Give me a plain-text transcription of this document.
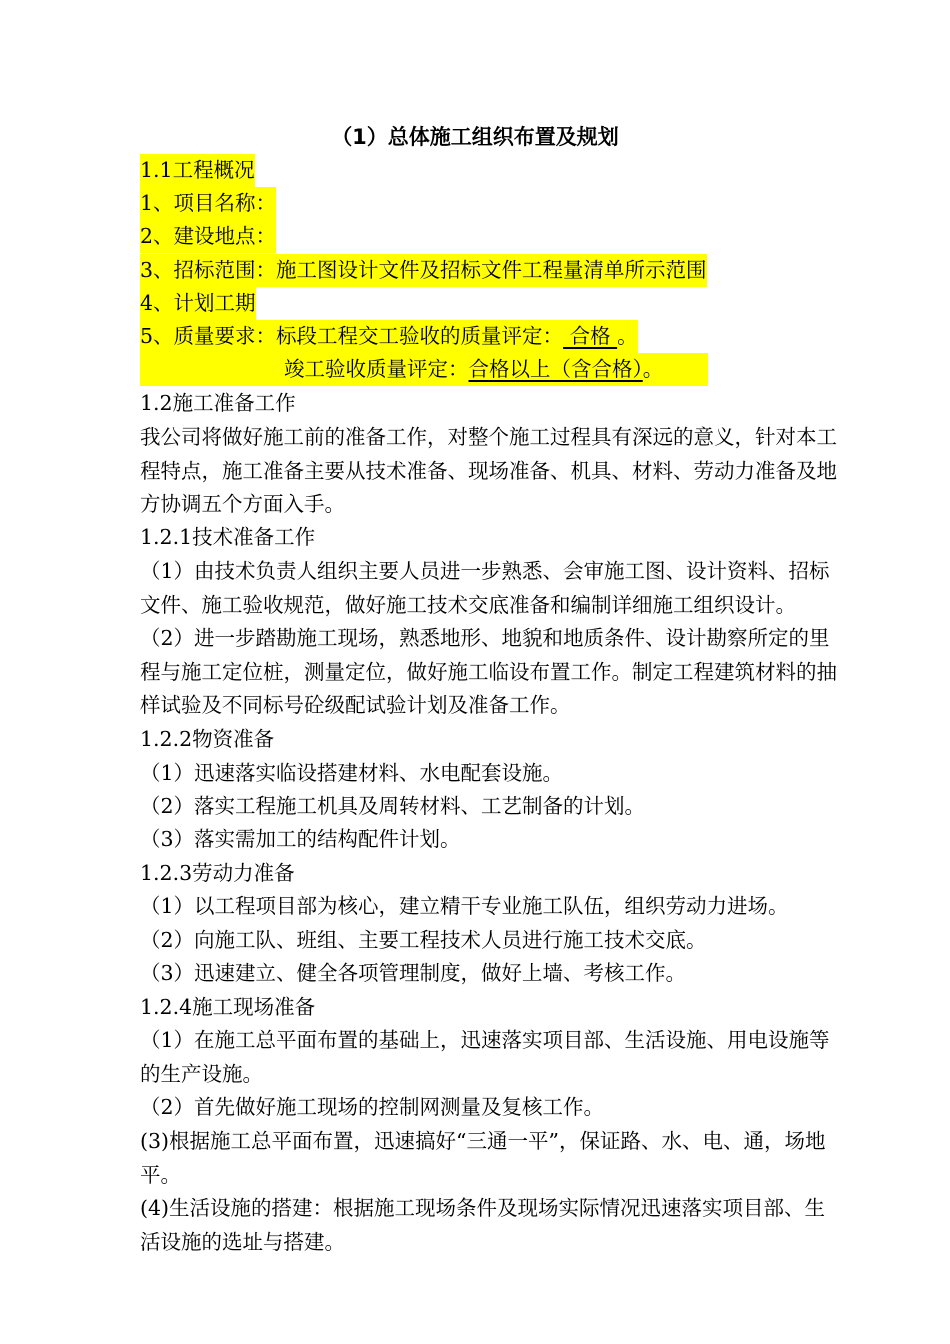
（1）总体施工组织布置及规划
1.1工程概况
1、项目名称：
2、建设地点：
3、招标范围：施工图设计文件及招标文件工程量清单所示范围
4、计划工期
5、质量要求：标段工程交工验收的质量评定： 合格 。
竣工验收质量评定：合格以上（含合格）。
1.2施工准备工作
我公司将做好施工前的准备工作，对整个施工过程具有深远的意义，针对本工程特点，施工准备主要从技术准备、现场准备、机具、材料、劳动力准备及地方协调五个方面入手。
1.2.1技术准备工作
（1）由技术负责人组织主要人员进一步熟悉、会审施工图、设计资料、招标文件、施工验收规范，做好施工技术交底准备和编制详细施工组织设计。
（2）进一步踏勘施工现场，熟悉地形、地貌和地质条件、设计勘察所定的里程与施工定位桩，测量定位，做好施工临设布置工作。制定工程建筑材料的抽样试验及不同标号砼级配试验计划及准备工作。
1.2.2物资准备
（1）迅速落实临设搭建材料、水电配套设施。
（2）落实工程施工机具及周转材料、工艺制备的计划。
（3）落实需加工的结构配件计划。
1.2.3劳动力准备
（1）以工程项目部为核心，建立精干专业施工队伍，组织劳动力进场。
（2）向施工队、班组、主要工程技术人员进行施工技术交底。
（3）迅速建立、健全各项管理制度，做好上墙、考核工作。
1.2.4施工现场准备
（1）在施工总平面布置的基础上，迅速落实项目部、生活设施、用电设施等的生产设施。
（2）首先做好施工现场的控制网测量及复核工作。
(3)根据施工总平面布置，迅速搞好“三通一平”，保证路、水、电、通，场地平。
(4)生活设施的搭建：根据施工现场条件及现场实际情况迅速落实项目部、生活设施的选址与搭建。
